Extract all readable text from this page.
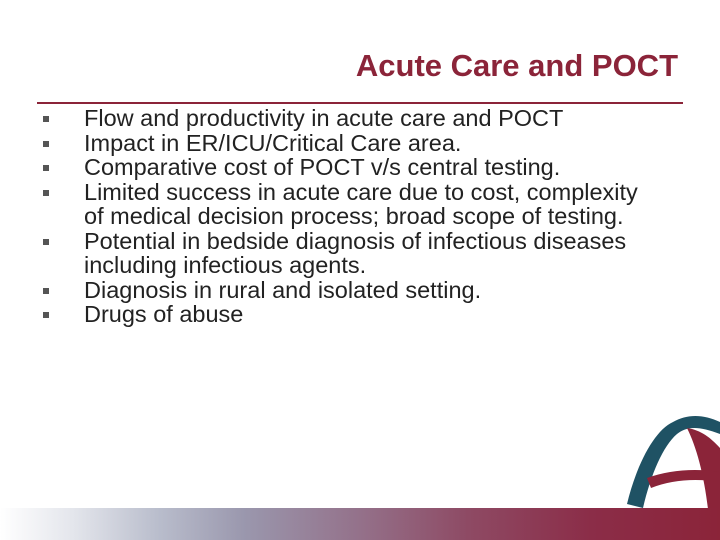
Acute Care and POCT
Flow and productivity in acute care and POCT
Impact in ER/ICU/Critical Care area.
Comparative cost of POCT v/s central testing.
Limited success in acute care due to cost, complexity of medical decision process; broad scope of testing.
Potential in bedside diagnosis of infectious diseases including infectious agents.
Diagnosis in rural and isolated setting.
Drugs of abuse
